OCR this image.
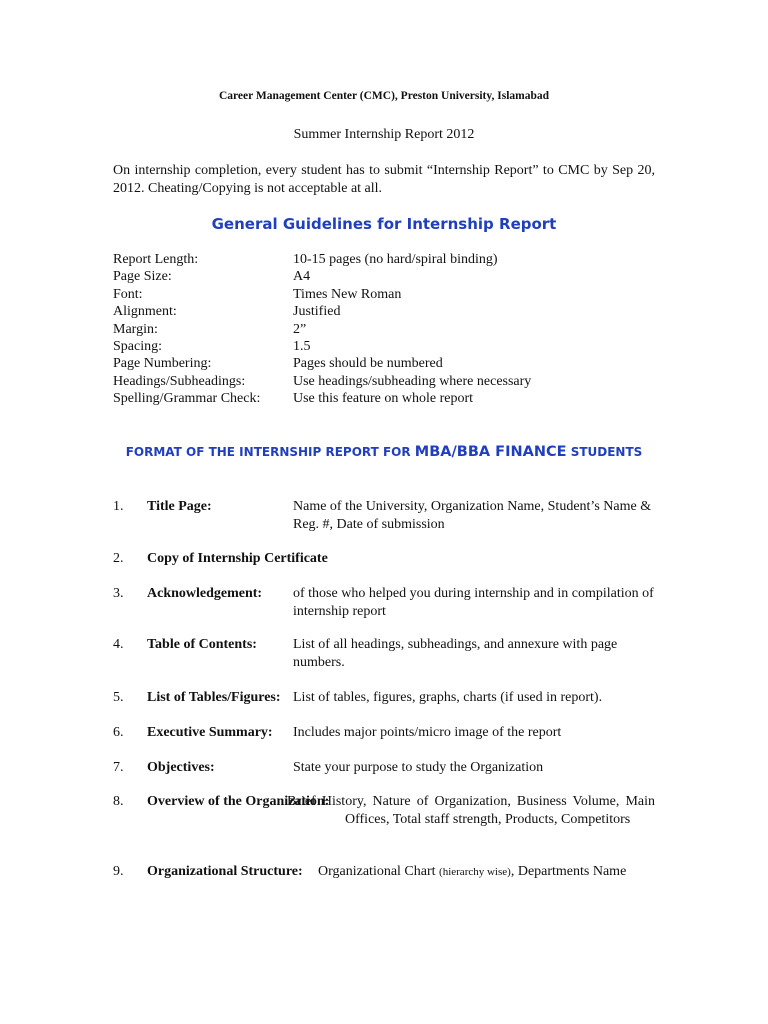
Career Management Center (CMC), Preston University, Islamabad
Summer Internship Report 2012
On internship completion, every student has to submit “Internship Report” to CMC by Sep 20, 2012. Cheating/Copying is not acceptable at all.
General Guidelines for Internship Report
Report Length:	10-15 pages (no hard/spiral binding)
Page Size:	A4
Font:	Times New Roman
Alignment:	Justified
Margin:	2”
Spacing:	1.5
Page Numbering:	Pages should be numbered
Headings/Subheadings:	Use headings/subheading where necessary
Spelling/Grammar Check: Use this feature on whole report
FORMAT OF THE INTERNSHIP REPORT FOR MBA/BBA FINANCE STUDENTS
1. Title Page:	Name of the University, Organization Name, Student’s Name & Reg. #, Date of submission
2. Copy of Internship Certificate
3. Acknowledgement: of those who helped you during internship and in compilation of internship report
4. Table of Contents:	List of all headings, subheadings, and annexure with page numbers.
5. List of Tables/Figures: List of tables, figures, graphs, charts (if used in report).
6. Executive Summary: Includes major points/micro image of the report
7. Objectives:	State your purpose to study the Organization
8. Overview of the Organization:
Brief History, Nature of Organization, Business Volume, Main Offices, Total staff strength, Products, Competitors
9. Organizational Structure: Organizational Chart (hierarchy wise), Departments Name
